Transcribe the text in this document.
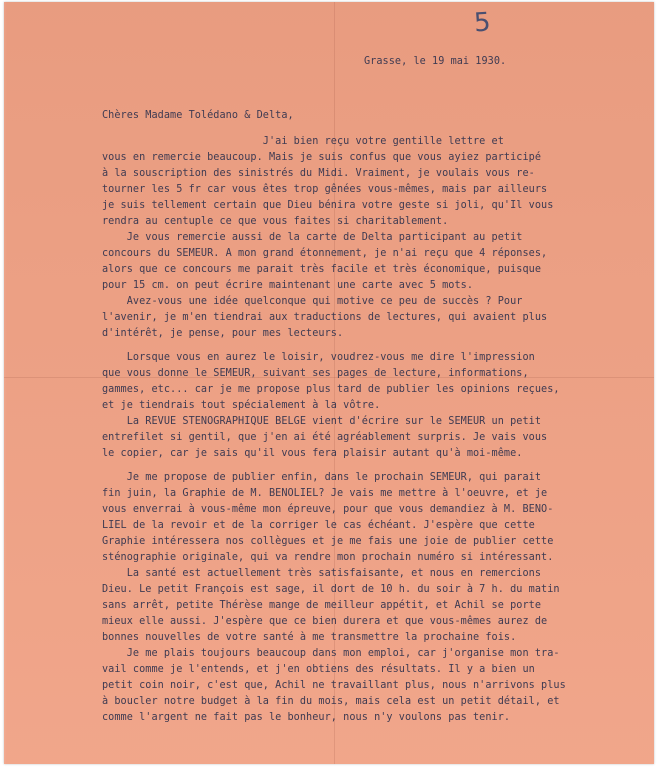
5
Grasse, le 19 mai 1930.
Chères Madame Tolédano & Delta,
J'ai bien reçu votre gentille lettre et
vous en remercie beaucoup. Mais je suis confus que vous ayiez participé
à la souscription des sinistrés du Midi. Vraiment, je voulais vous re-
tourner les 5 fr car vous êtes trop gênées vous-mêmes, mais par ailleurs
je suis tellement certain que Dieu bénira votre geste si joli, qu'Il vous
rendra au centuple ce que vous faites si charitablement.
Je vous remercie aussi de la carte de Delta participant au petit
concours du SEMEUR. A mon grand étonnement, je n'ai reçu que 4 réponses,
alors que ce concours me parait très facile et très économique, puisque
pour 15 cm. on peut écrire maintenant une carte avec 5 mots.
Avez-vous une idée quelconque qui motive ce peu de succès ? Pour
l'avenir, je m'en tiendrai aux traductions de lectures, qui avaient plus
d'intérêt, je pense, pour mes lecteurs.
Lorsque vous en aurez le loisir, voudrez-vous me dire l'impression
que vous donne le SEMEUR, suivant ses pages de lecture, informations,
gammes, etc... car je me propose plus tard de publier les opinions reçues,
et je tiendrais tout spécialement à la vôtre.
La REVUE STENOGRAPHIQUE BELGE vient d'écrire sur le SEMEUR un petit
entrefilet si gentil, que j'en ai été agréablement surpris. Je vais vous
le copier, car je sais qu'il vous fera plaisir autant qu'à moi-même.
Je me propose de publier enfin, dans le prochain SEMEUR, qui parait
fin juin, la Graphie de M. BENOLIEL? Je vais me mettre à l'oeuvre, et je
vous enverrai à vous-même mon épreuve, pour que vous demandiez à M. BENO-
LIEL de la revoir et de la corriger le cas échéant. J'espère que cette
Graphie intéressera nos collègues et je me fais une joie de publier cette
sténographie originale, qui va rendre mon prochain numéro si intéressant.
La santé est actuellement très satisfaisante, et nous en remercions
Dieu. Le petit François est sage, il dort de 10 h. du soir à 7 h. du matin
sans arrêt, petite Thérèse mange de meilleur appétit, et Achil se porte
mieux elle aussi. J'espère que ce bien durera et que vous-mêmes aurez de
bonnes nouvelles de votre santé à me transmettre la prochaine fois.
Je me plais toujours beaucoup dans mon emploi, car j'organise mon tra-
vail comme je l'entends, et j'en obtiens des résultats. Il y a bien un
petit coin noir, c'est que, Achil ne travaillant plus, nous n'arrivons plus
à boucler notre budget à la fin du mois, mais cela est un petit détail, et
comme l'argent ne fait pas le bonheur, nous n'y voulons pas tenir.
